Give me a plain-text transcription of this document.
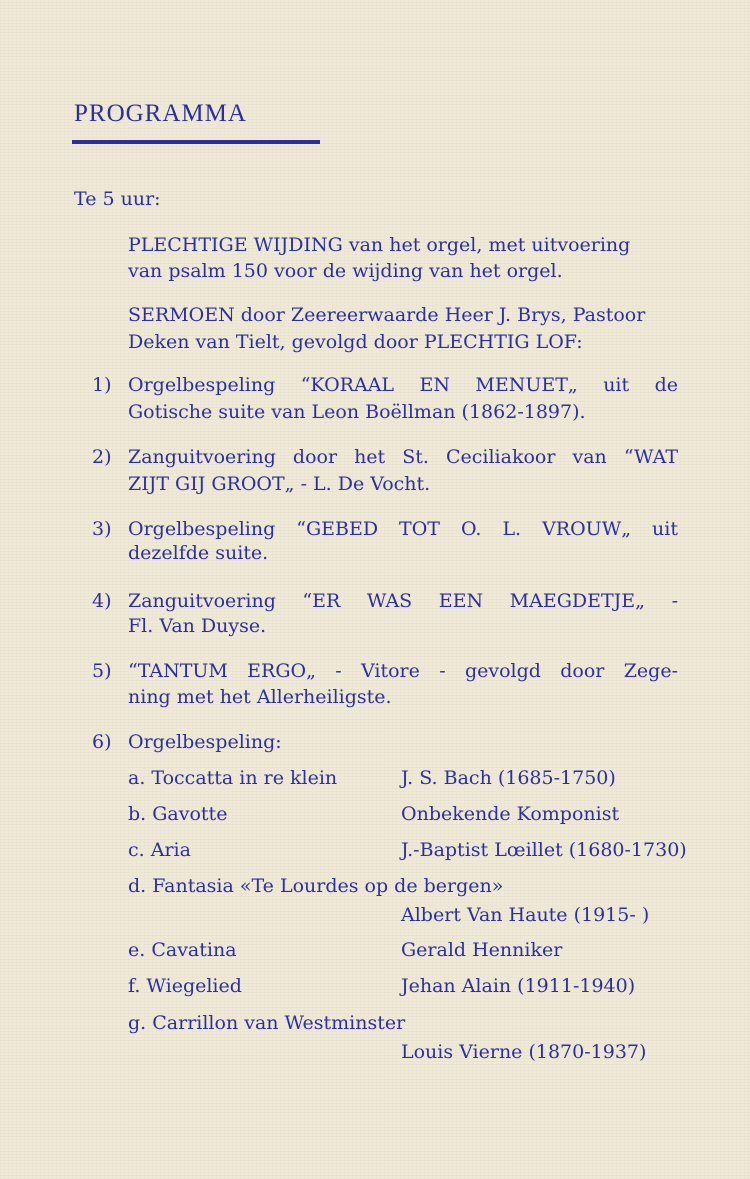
PROGRAMMA
Te 5 uur:
PLECHTIGE WIJDING van het orgel, met uitvoering
van psalm 150 voor de wijding van het orgel.
SERMOEN door Zeereerwaarde Heer J. Brys, Pastoor
Deken van Tielt, gevolgd door PLECHTIG LOF:
1) Orgelbespeling “KORAAL EN MENUET„ uit de
Gotische suite van Leon Boëllman (1862-1897).
2) Zanguitvoering door het St. Ceciliakoor van “WAT
ZIJT GIJ GROOT„ - L. De Vocht.
3) Orgelbespeling “GEBED TOT O. L. VROUW„ uit
dezelfde suite.
4) Zanguitvoering “ER WAS EEN MAEGDETJE„ -
Fl. Van Duyse.
5) “TANTUM ERGO„ - Vitore - gevolgd door Zege-
ning met het Allerheiligste.
6) Orgelbespeling:
a. Toccatta in re klein	J. S. Bach (1685-1750)
b. Gavotte	Onbekende Komponist
c. Aria	J.-Baptist Lœillet (1680-1730)
d. Fantasia «Te Lourdes op de bergen»
Albert Van Haute (1915- )
e. Cavatina	Gerald Henniker
f. Wiegelied	Jehan Alain (1911-1940)
g. Carrillon van Westminster
Louis Vierne (1870-1937)
